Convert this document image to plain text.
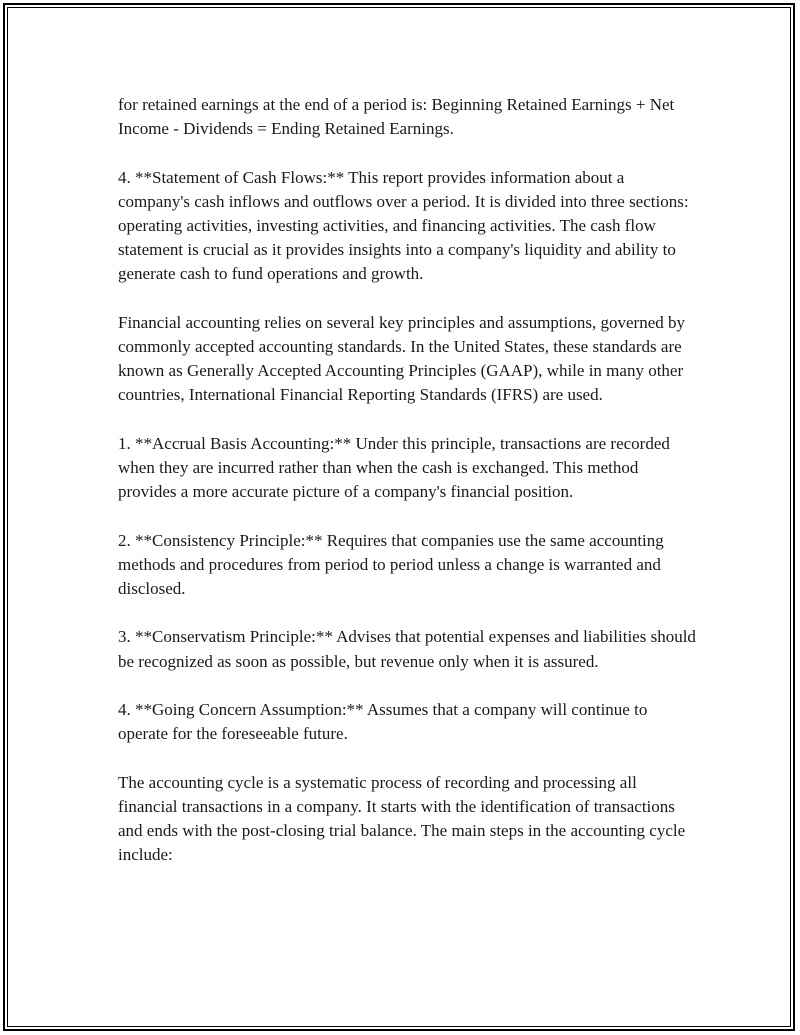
for retained earnings at the end of a period is: Beginning Retained Earnings + Net Income - Dividends = Ending Retained Earnings.

4. **Statement of Cash Flows:** This report provides information about a company's cash inflows and outflows over a period. It is divided into three sections: operating activities, investing activities, and financing activities. The cash flow statement is crucial as it provides insights into a company's liquidity and ability to generate cash to fund operations and growth.

Financial accounting relies on several key principles and assumptions, governed by commonly accepted accounting standards. In the United States, these standards are known as Generally Accepted Accounting Principles (GAAP), while in many other countries, International Financial Reporting Standards (IFRS) are used.

1. **Accrual Basis Accounting:** Under this principle, transactions are recorded when they are incurred rather than when the cash is exchanged. This method provides a more accurate picture of a company's financial position.

2. **Consistency Principle:** Requires that companies use the same accounting methods and procedures from period to period unless a change is warranted and disclosed.

3. **Conservatism Principle:** Advises that potential expenses and liabilities should be recognized as soon as possible, but revenue only when it is assured.

4. **Going Concern Assumption:** Assumes that a company will continue to operate for the foreseeable future.

The accounting cycle is a systematic process of recording and processing all financial transactions in a company. It starts with the identification of transactions and ends with the post-closing trial balance. The main steps in the accounting cycle include:
